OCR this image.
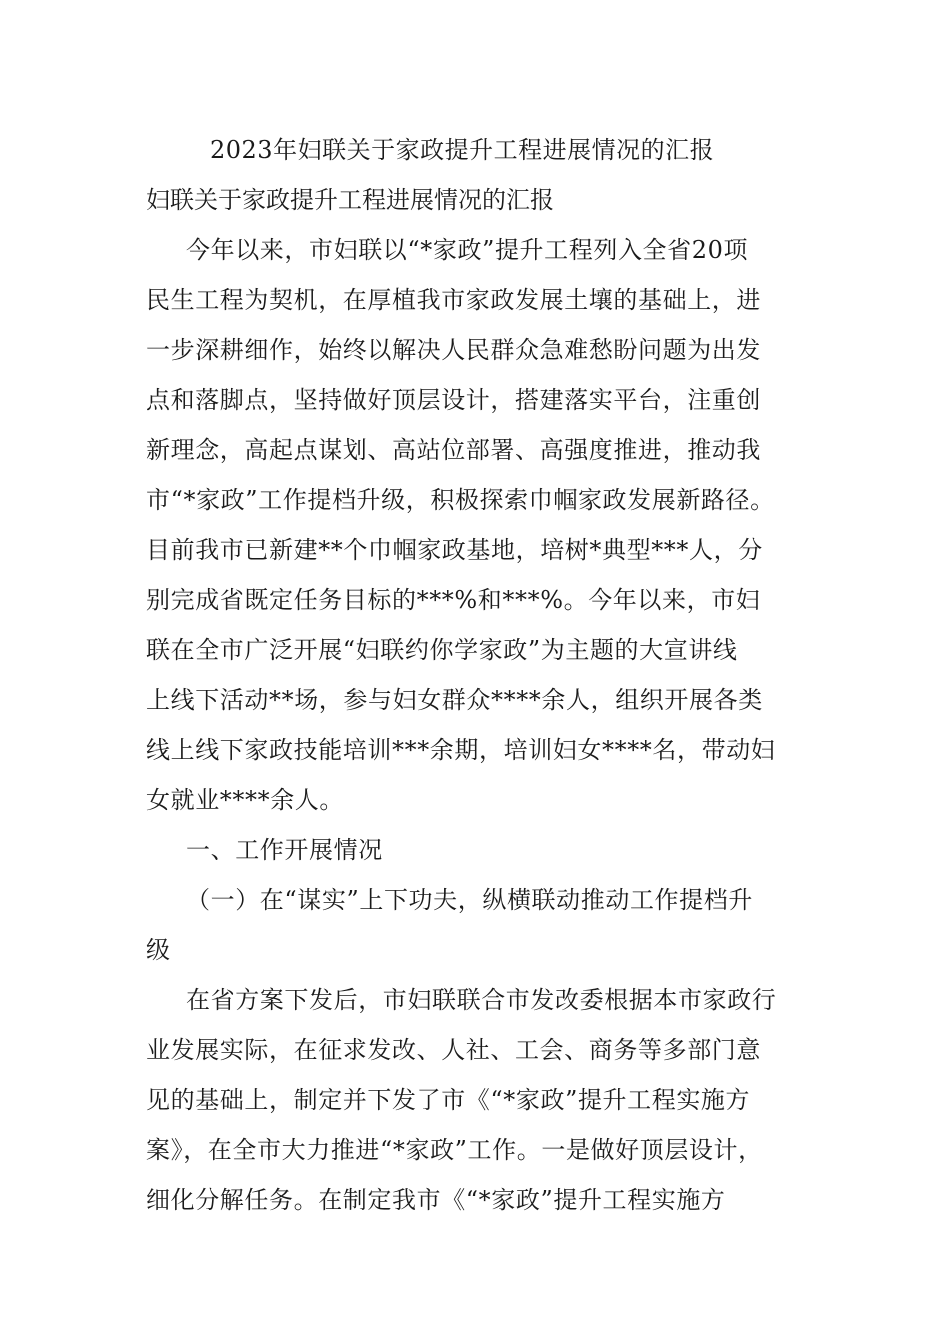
2023年妇联关于家政提升工程进展情况的汇报
妇联关于家政提升工程进展情况的汇报
今年以来，市妇联以“*家政”提升工程列入全省20项
民生工程为契机，在厚植我市家政发展土壤的基础上，进
一步深耕细作，始终以解决人民群众急难愁盼问题为出发
点和落脚点，坚持做好顶层设计，搭建落实平台，注重创
新理念，高起点谋划、高站位部署、高强度推进，推动我
市“*家政”工作提档升级，积极探索巾帼家政发展新路径。
目前我市已新建**个巾帼家政基地，培树*典型***人，分
别完成省既定任务目标的***%和***%。今年以来，市妇
联在全市广泛开展“妇联约你学家政”为主题的大宣讲线
上线下活动**场，参与妇女群众****余人，组织开展各类
线上线下家政技能培训***余期，培训妇女****名，带动妇
女就业****余人。
一、工作开展情况
（一）在“谋实”上下功夫，纵横联动推动工作提档升
级
在省方案下发后，市妇联联合市发改委根据本市家政行
业发展实际，在征求发改、人社、工会、商务等多部门意
见的基础上，制定并下发了市《“*家政”提升工程实施方
案》，在全市大力推进“*家政”工作。一是做好顶层设计，
细化分解任务。在制定我市《“*家政”提升工程实施方
